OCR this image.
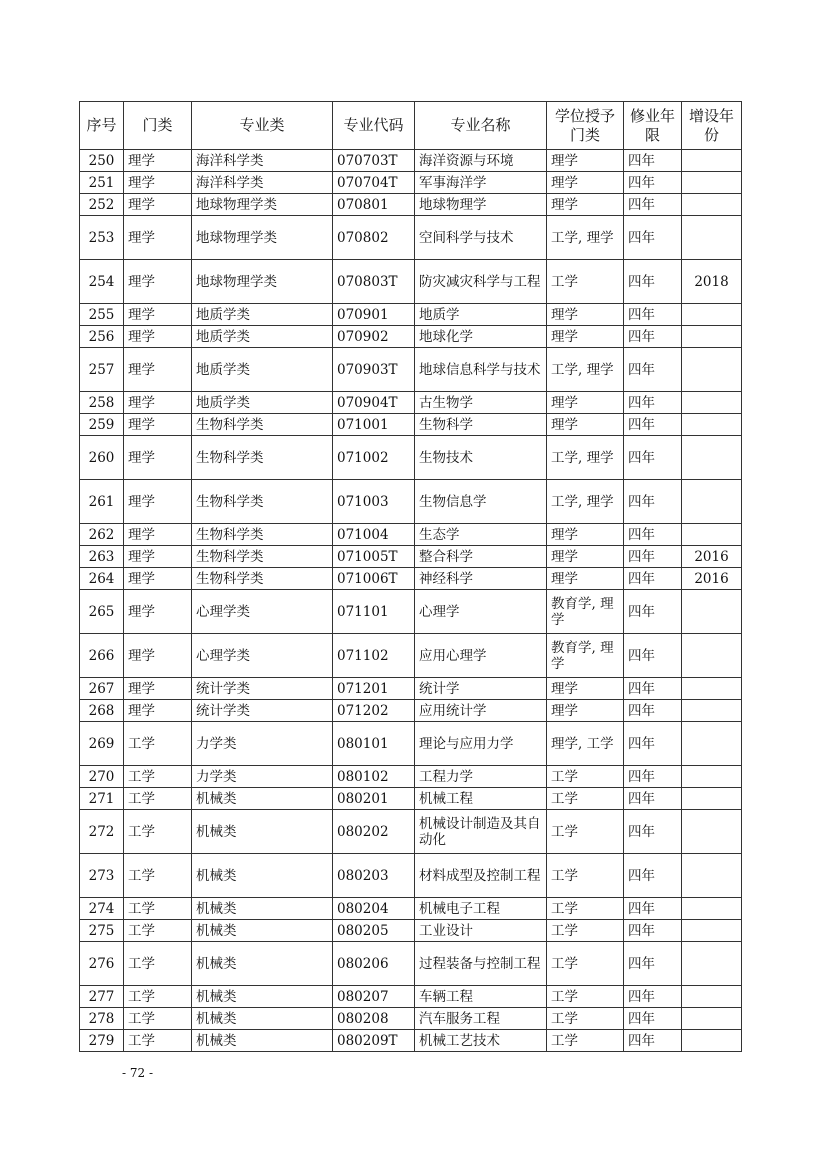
序号	门类	专业类	专业代码	专业名称	学位授予门类	修业年限	增设年份
250	理学	海洋科学类	070703T	海洋资源与环境	理学	四年	
251	理学	海洋科学类	070704T	军事海洋学	理学	四年	
252	理学	地球物理学类	070801	地球物理学	理学	四年	
253	理学	地球物理学类	070802	空间科学与技术	工学, 理学	四年	
254	理学	地球物理学类	070803T	防灾减灾科学与工程	工学	四年	2018
255	理学	地质学类	070901	地质学	理学	四年	
256	理学	地质学类	070902	地球化学	理学	四年	
257	理学	地质学类	070903T	地球信息科学与技术	工学, 理学	四年	
258	理学	地质学类	070904T	古生物学	理学	四年	
259	理学	生物科学类	071001	生物科学	理学	四年	
260	理学	生物科学类	071002	生物技术	工学, 理学	四年	
261	理学	生物科学类	071003	生物信息学	工学, 理学	四年	
262	理学	生物科学类	071004	生态学	理学	四年	
263	理学	生物科学类	071005T	整合科学	理学	四年	2016
264	理学	生物科学类	071006T	神经科学	理学	四年	2016
265	理学	心理学类	071101	心理学	教育学, 理学	四年	
266	理学	心理学类	071102	应用心理学	教育学, 理学	四年	
267	理学	统计学类	071201	统计学	理学	四年	
268	理学	统计学类	071202	应用统计学	理学	四年	
269	工学	力学类	080101	理论与应用力学	理学, 工学	四年	
270	工学	力学类	080102	工程力学	工学	四年	
271	工学	机械类	080201	机械工程	工学	四年	
272	工学	机械类	080202	机械设计制造及其自动化	工学	四年	
273	工学	机械类	080203	材料成型及控制工程	工学	四年	
274	工学	机械类	080204	机械电子工程	工学	四年	
275	工学	机械类	080205	工业设计	工学	四年	
276	工学	机械类	080206	过程装备与控制工程	工学	四年	
277	工学	机械类	080207	车辆工程	工学	四年	
278	工学	机械类	080208	汽车服务工程	工学	四年	
279	工学	机械类	080209T	机械工艺技术	工学	四年	
- 72 -
